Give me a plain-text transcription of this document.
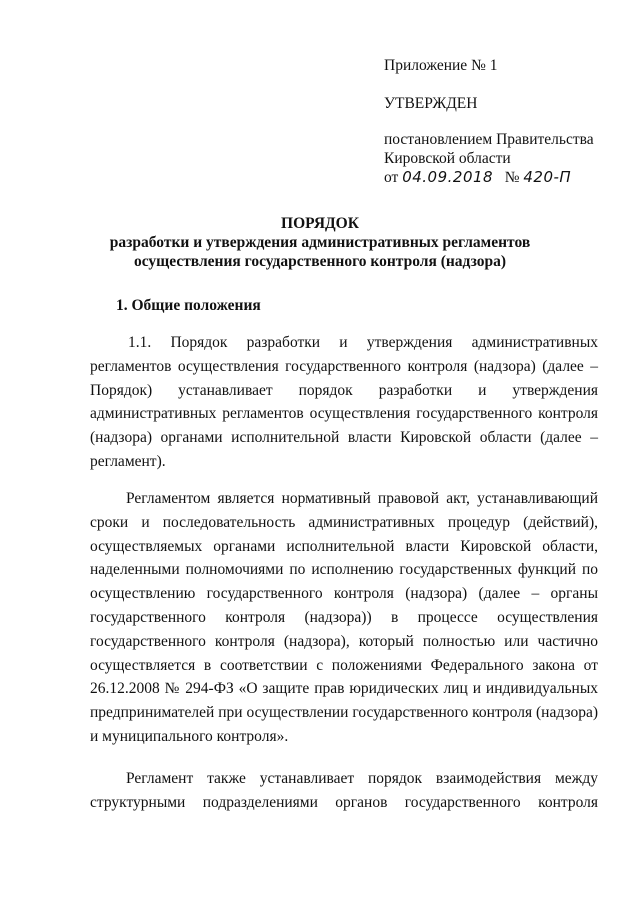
Приложение № 1
УТВЕРЖДЕН
постановлением Правительства
Кировской области
от 04.09.2018 № 420-П
ПОРЯДОК
разработки и утверждения административных регламентов
осуществления государственного контроля (надзора)
1. Общие положения

1.1. Порядок разработки и утверждения административных регламентов осуществления государственного контроля (надзора) (далее – Порядок) устанавливает порядок разработки и утверждения административных регламентов осуществления государственного контроля (надзора) органами исполнительной власти Кировской области (далее – регламент).

Регламентом является нормативный правовой акт, устанавливающий сроки и последовательность административных процедур (действий), осуществляемых органами исполнительной власти Кировской области, наделенными полномочиями по исполнению государственных функций по осуществлению государственного контроля (надзора) (далее – органы государственного контроля (надзора)) в процессе осуществления государственного контроля (надзора), который полностью или частично осуществляется в соответствии с положениями Федерального закона от 26.12.2008 № 294-ФЗ «О защите прав юридических лиц и индивидуальных предпринимателей при осуществлении государственного контроля (надзора) и муниципального контроля».

Регламент также устанавливает порядок взаимодействия между структурными подразделениями органов государственного контроля
